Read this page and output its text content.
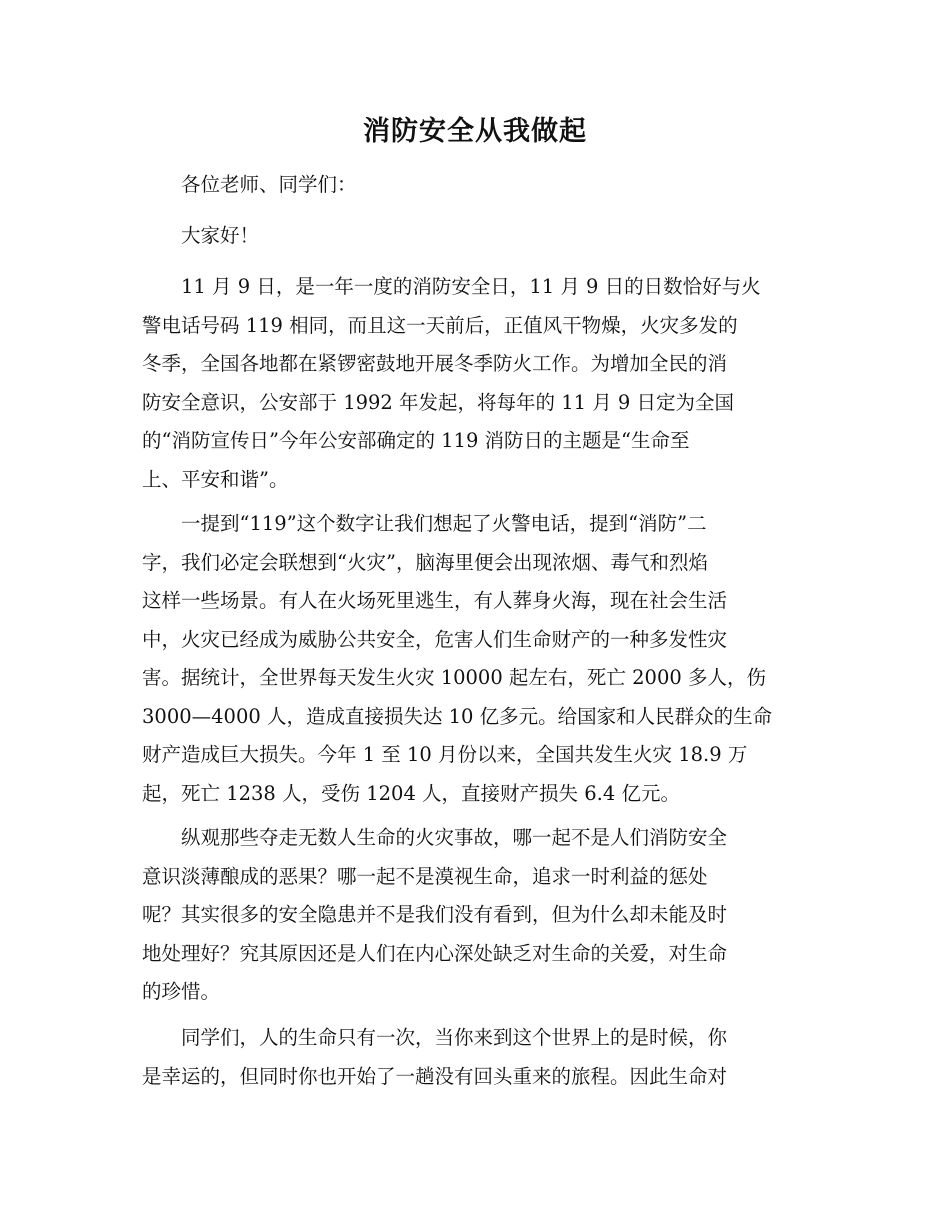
消防安全从我做起

各位老师、同学们：

大家好！

11 月 9 日，是一年一度的消防安全日，11 月 9 日的日数恰好与火
警电话号码 119 相同，而且这一天前后，正值风干物燥，火灾多发的
冬季，全国各地都在紧锣密鼓地开展冬季防火工作。为增加全民的消
防安全意识，公安部于 1992 年发起，将每年的 11 月 9 日定为全国
的“消防宣传日”今年公安部确定的 119 消防日的主题是“生命至
上、平安和谐”。
一提到“119”这个数字让我们想起了火警电话，提到“消防”二
字，我们必定会联想到“火灾”，脑海里便会出现浓烟、毒气和烈焰
这样一些场景。有人在火场死里逃生，有人葬身火海，现在社会生活
中，火灾已经成为威胁公共安全，危害人们生命财产的一种多发性灾
害。据统计，全世界每天发生火灾 10000 起左右，死亡 2000 多人，伤
3000—4000 人，造成直接损失达 10 亿多元。给国家和人民群众的生命
财产造成巨大损失。今年 1 至 10 月份以来，全国共发生火灾 18.9 万
起，死亡 1238 人，受伤 1204 人，直接财产损失 6.4 亿元。
纵观那些夺走无数人生命的火灾事故，哪一起不是人们消防安全
意识淡薄酿成的恶果？哪一起不是漠视生命，追求一时利益的惩处
呢？其实很多的安全隐患并不是我们没有看到，但为什么却未能及时
地处理好？究其原因还是人们在内心深处缺乏对生命的关爱，对生命
的珍惜。
同学们，人的生命只有一次，当你来到这个世界上的是时候，你
是幸运的，但同时你也开始了一趟没有回头重来的旅程。因此生命对
